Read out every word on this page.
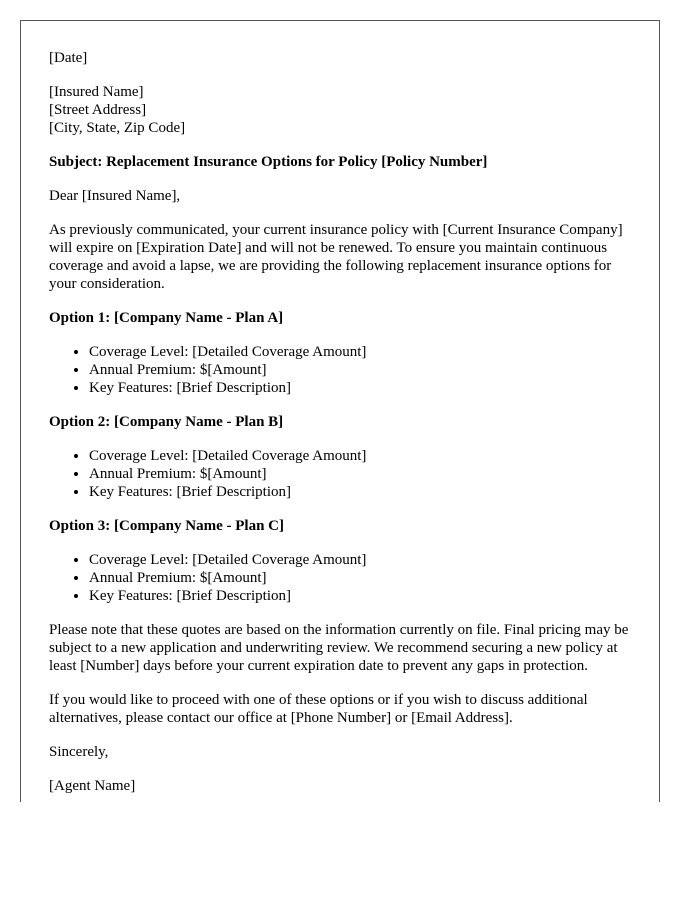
[Date]

[Insured Name]
[Street Address]
[City, State, Zip Code]

Subject: Replacement Insurance Options for Policy [Policy Number]

Dear [Insured Name],

As previously communicated, your current insurance policy with [Current Insurance Company] will expire on [Expiration Date] and will not be renewed. To ensure you maintain continuous coverage and avoid a lapse, we are providing the following replacement insurance options for your consideration.

Option 1: [Company Name - Plan A]

• Coverage Level: [Detailed Coverage Amount]
• Annual Premium: $[Amount]
• Key Features: [Brief Description]

Option 2: [Company Name - Plan B]

• Coverage Level: [Detailed Coverage Amount]
• Annual Premium: $[Amount]
• Key Features: [Brief Description]

Option 3: [Company Name - Plan C]

• Coverage Level: [Detailed Coverage Amount]
• Annual Premium: $[Amount]
• Key Features: [Brief Description]

Please note that these quotes are based on the information currently on file. Final pricing may be subject to a new application and underwriting review. We recommend securing a new policy at least [Number] days before your current expiration date to prevent any gaps in protection.

If you would like to proceed with one of these options or if you wish to discuss additional alternatives, please contact our office at [Phone Number] or [Email Address].

Sincerely,

[Agent Name]
